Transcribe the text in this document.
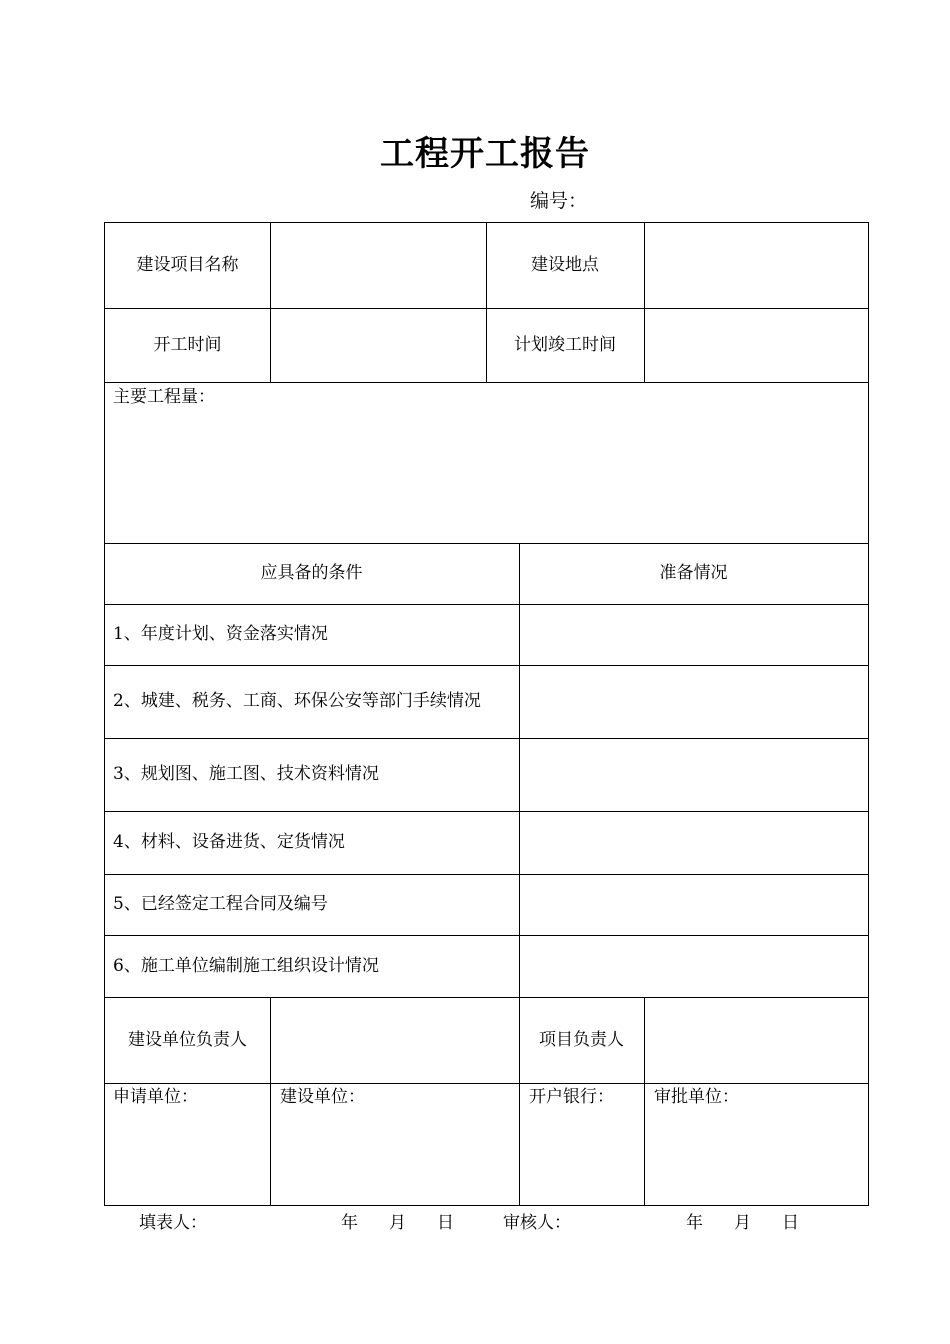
工程开工报告
编号：
建设项目名称	建设地点
开工时间	计划竣工时间
主要工程量：
应具备的条件	准备情况
1、年度计划、资金落实情况
2、城建、税务、工商、环保公安等部门手续情况
3、规划图、施工图、技术资料情况
4、材料、设备进货、定货情况
5、已经签定工程合同及编号
6、施工单位编制施工组织设计情况
建设单位负责人	项目负责人
申请单位：	建设单位：	开户银行：	审批单位：
填表人：	年 月 日	审核人：	年 月 日
